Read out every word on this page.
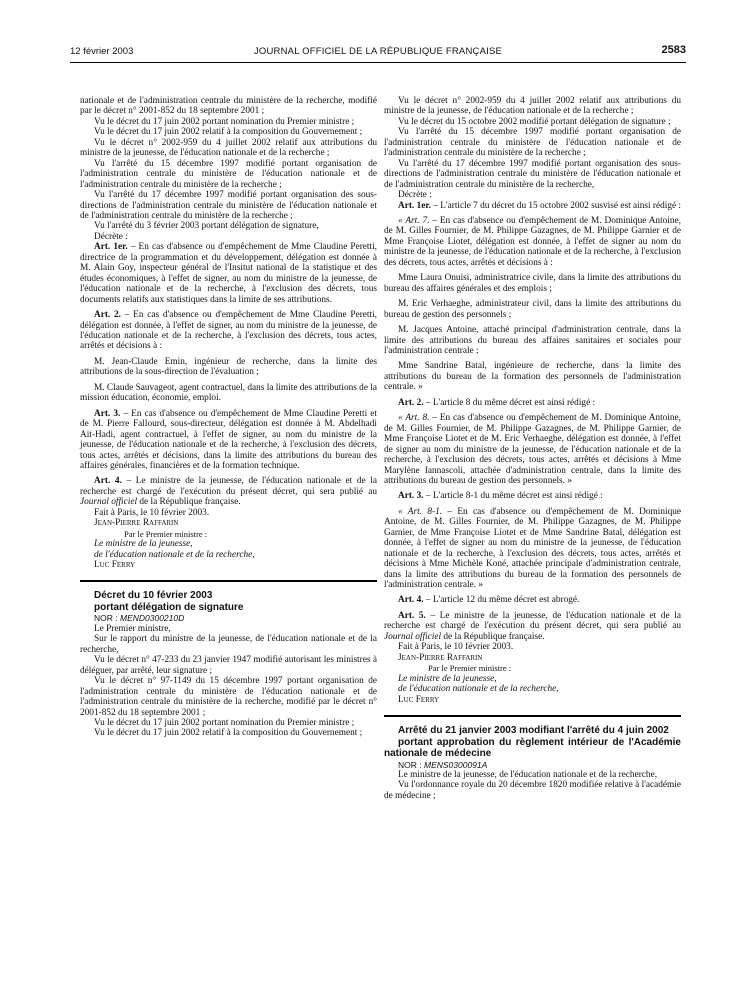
12 février 2003	JOURNAL OFFICIEL DE LA RÉPUBLIQUE FRANÇAISE	2583

nationale et de l'administration centrale du ministère de la recherche, modifié par le décret n° 2001-852 du 18 septembre 2001 ;

Vu le décret du 17 juin 2002 portant nomination du Premier ministre ;

Vu le décret du 17 juin 2002 relatif à la composition du Gouvernement ;

Vu le décret n° 2002-959 du 4 juillet 2002 relatif aux attributions du ministre de la jeunesse, de l'éducation nationale et de la recherche ;

Vu l'arrêté du 15 décembre 1997 modifié portant organisation de l'administration centrale du ministère de l'éducation nationale et de l'administration centrale du ministère de la recherche ;

Vu l'arrêté du 17 décembre 1997 modifié portant organisation des sous-directions de l'administration centrale du ministère de l'éducation nationale et de l'administration centrale du ministère de la recherche ;

Vu l'arrêté du 3 février 2003 portant délégation de signature,

Décrète :

Art. 1er. – En cas d'absence ou d'empêchement de Mme Claudine Peretti, directrice de la programmation et du développement, délégation est donnée à M. Alain Goy, inspecteur général de l'Insitut national de la statistique et des études économiques, à l'effet de signer, au nom du ministre de la jeunesse, de l'éducation nationale et de la recherche, à l'exclusion des décrets, tous documents relatifs aux statistiques dans la limite de ses attributions.

Art. 2. – En cas d'absence ou d'empêchement de Mme Claudine Peretti, délégation est donnée, à l'effet de signer, au nom du ministre de la jeunesse, de l'éducation nationale et de la recherche, à l'exclusion des décrets, tous actes, arrêtés et décisions à :

M. Jean-Claude Emin, ingénieur de recherche, dans la limite des attributions de la sous-direction de l'évaluation ;

M. Claude Sauvageot, agent contractuel, dans la limite des attributions de la mission éducation, économie, emploi.

Art. 3. – En cas d'absence ou d'empêchement de Mme Claudine Peretti et de M. Pierre Fallourd, sous-directeur, délégation est donnée à M. Abdelhadi Ait-Hadi, agent contractuel, à l'effet de signer, au nom du ministre de la jeunesse, de l'éducation nationale et de la recherche, à l'exclusion des décrets, tous actes, arrêtés et décisions, dans la limite des attributions du bureau des affaires générales, financières et de la formation technique.

Art. 4. – Le ministre de la jeunesse, de l'éducation nationale et de la recherche est chargé de l'exécution du présent décret, qui sera publié au Journal officiel de la République française.

Fait à Paris, le 10 février 2003.

Jean-Pierre Raffarin

Par le Premier ministre :

Le ministre de la jeunesse,

de l'éducation nationale et de la recherche,

Luc Ferry

Décret du 10 février 2003

portant délégation de signature

NOR : MEND0300210D

Le Premier ministre,

Sur le rapport du ministre de la jeunesse, de l'éducation nationale et de la recherche,

Vu le décret n° 47-233 du 23 janvier 1947 modifié autorisant les ministres à déléguer, par arrêté, leur signature ;

Vu le décret n° 97-1149 du 15 décembre 1997 portant organisation de l'administration centrale du ministère de l'éducation nationale et de l'administration centrale du ministère de la recherche, modifié par le décret n° 2001-852 du 18 septembre 2001 ;

Vu le décret du 17 juin 2002 portant nomination du Premier ministre ;

Vu le décret du 17 juin 2002 relatif à la composition du Gouvernement ;

Vu le décret n° 2002-959 du 4 juillet 2002 relatif aux attributions du ministre de la jeunesse, de l'éducation nationale et de la recherche ;

Vu le décret du 15 octobre 2002 modifié portant délégation de signature ;

Vu l'arrêté du 15 décembre 1997 modifié portant organisation de l'administration centrale du ministère de l'éducation nationale et de l'administration centrale du ministère de la recherche ;

Vu l'arrêté du 17 décembre 1997 modifié portant organisation des sous-directions de l'administration centrale du ministère de l'éducation nationale et de l'administration centrale du ministère de la recherche,

Décrète :

Art. 1er. – L'article 7 du décret du 15 octobre 2002 susvisé est ainsi rédigé :

« Art. 7. – En cas d'absence ou d'empêchement de M. Dominique Antoine, de M. Gilles Fournier, de M. Philippe Gazagnes, de M. Philippe Garnier et de Mme Françoise Liotet, délégation est donnée, à l'effet de signer au nom du ministre de la jeunesse, de l'éducation nationale et de la recherche, à l'exclusion des décrets, tous actes, arrêtés et décisions à :

Mme Laura Onuisi, administratrice civile, dans la limite des attributions du bureau des affaires générales et des emplois ;

M. Eric Verhaeghe, administrateur civil, dans la limite des attributions du bureau de gestion des personnels ;

M. Jacques Antoine, attaché principal d'administration centrale, dans la limite des attributions du bureau des affaires sanitaires et sociales pour l'administration centrale ;

Mme Sandrine Batal, ingénieure de recherche, dans la limite des attributions du bureau de la formation des personnels de l'administration centrale. »

Art. 2. – L'article 8 du même décret est ainsi rédigé :

« Art. 8. – En cas d'absence ou d'empêchement de M. Dominique Antoine, de M. Gilles Fournier, de M. Philippe Gazagnes, de M. Philippe Garnier, de Mme Françoise Liotet et de M. Eric Verhaeghe, délégation est donnée, à l'effet de signer au nom du ministre de la jeunesse, de l'éducation nationale et de la recherche, à l'exclusion des décrets, tous actes, arrêtés et décisions à Mme Marylène Iannascoli, attachée d'administration centrale, dans la limite des attributions du bureau de gestion des personnels. »

Art. 3. – L'article 8-1 du même décret est ainsi rédigé :

« Art. 8-1. – En cas d'absence ou d'empêchement de M. Dominique Antoine, de M. Gilles Fournier, de M. Philippe Gazagnes, de M. Philippe Garnier, de Mme Françoise Liotet et de Mme Sandrine Batal, délégation est donnée, à l'effet de signer au nom du ministre de la jeunesse, de l'éducation nationale et de la recherche, à l'exclusion des décrets, tous actes, arrêtés et décisions à Mme Michèle Koné, attachée principale d'administration centrale, dans la limite des attributions du bureau de la formation des personnels de l'administration centrale. »

Art. 4. – L'article 12 du même décret est abrogé.

Art. 5. – Le ministre de la jeunesse, de l'éducation nationale et de la recherche est chargé de l'exécution du présent décret, qui sera publié au Journal officiel de la République française.

Fait à Paris, le 10 février 2003.

Jean-Pierre Raffarin

Par le Premier ministre :

Le ministre de la jeunesse,

de l'éducation nationale et de la recherche,

Luc Ferry

Arrêté du 21 janvier 2003 modifiant l'arrêté du 4 juin 2002

portant approbation du règlement intérieur de l'Académie nationale de médecine

NOR : MENS0300091A

Le ministre de la jeunesse, de l'éducation nationale et de la recherche,

Vu l'ordonnance royale du 20 décembre 1820 modifiée relative à l'académie de médecine ;
